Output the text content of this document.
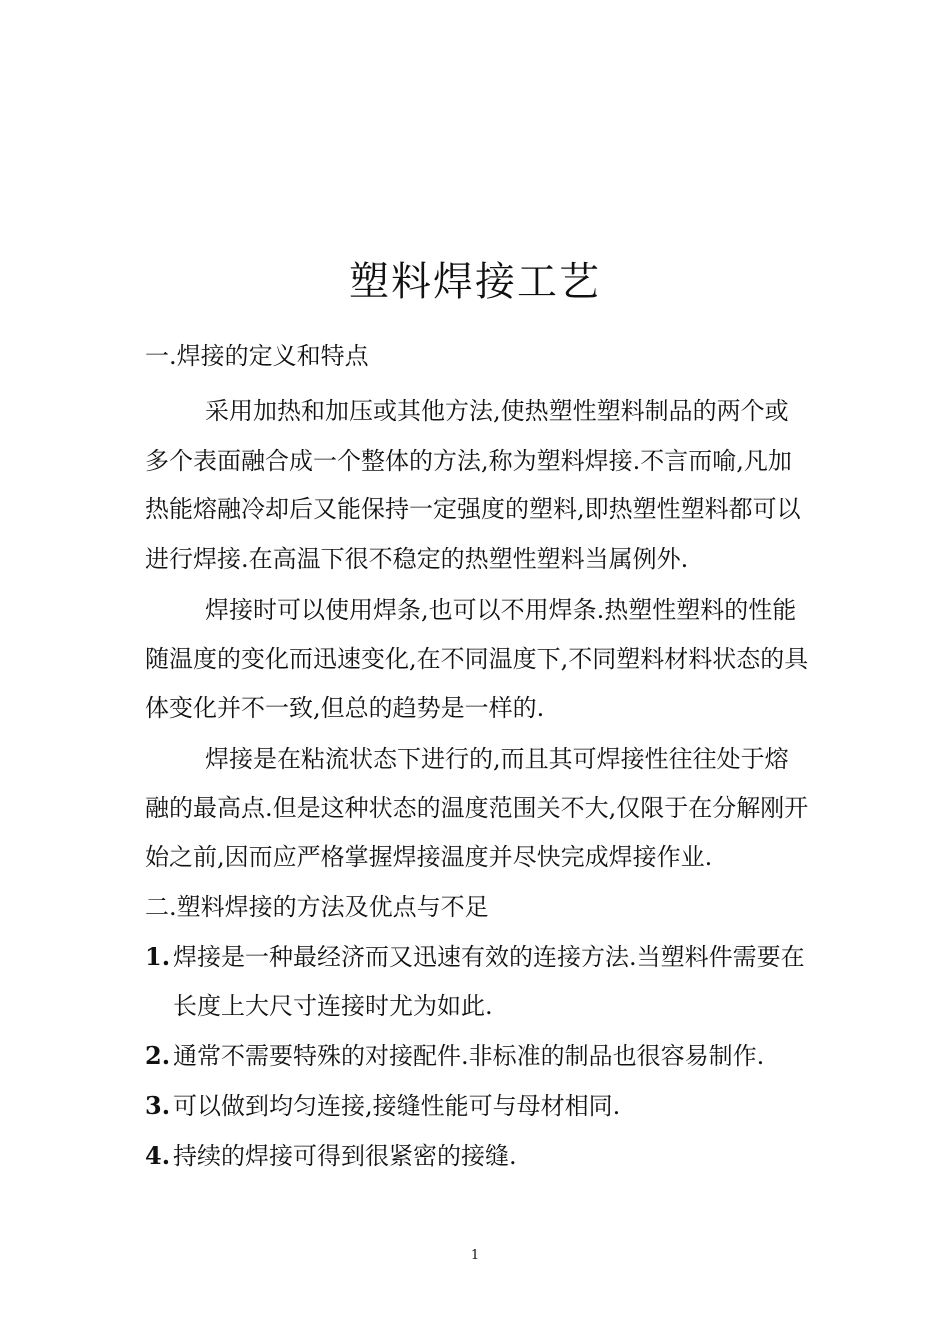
塑料焊接工艺
一.焊接的定义和特点
采用加热和加压或其他方法,使热塑性塑料制品的两个或
多个表面融合成一个整体的方法,称为塑料焊接.不言而喻,凡加
热能熔融冷却后又能保持一定强度的塑料,即热塑性塑料都可以
进行焊接.在高温下很不稳定的热塑性塑料当属例外.
焊接时可以使用焊条,也可以不用焊条.热塑性塑料的性能
随温度的变化而迅速变化,在不同温度下,不同塑料材料状态的具
体变化并不一致,但总的趋势是一样的.
焊接是在粘流状态下进行的,而且其可焊接性往往处于熔
融的最高点.但是这种状态的温度范围关不大,仅限于在分解刚开
始之前,因而应严格掌握焊接温度并尽快完成焊接作业.
二.塑料焊接的方法及优点与不足
1. 焊接是一种最经济而又迅速有效的连接方法.当塑料件需要在
长度上大尺寸连接时尤为如此.
2. 通常不需要特殊的对接配件.非标准的制品也很容易制作.
3. 可以做到均匀连接,接缝性能可与母材相同.
4. 持续的焊接可得到很紧密的接缝.
1
